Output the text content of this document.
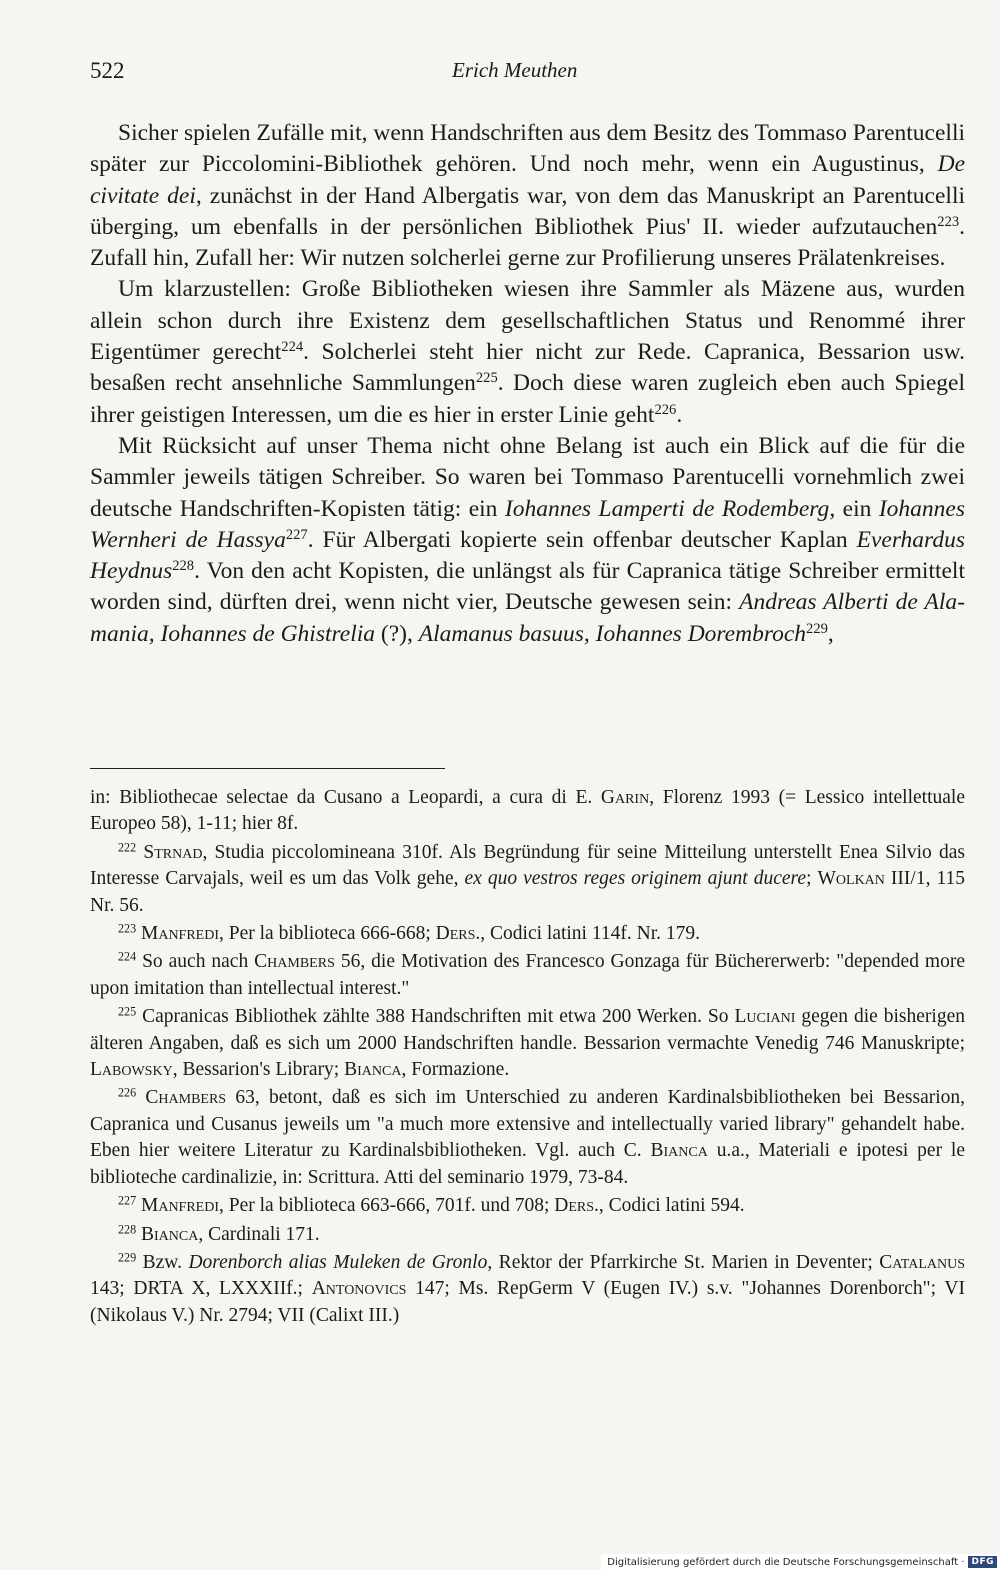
522	Erich Meuthen

Sicher spielen Zufälle mit, wenn Handschriften aus dem Besitz des Tommaso Parentucelli später zur Piccolomini-Bibliothek gehören. Und noch mehr, wenn ein Augustinus, De civitate dei, zunächst in der Hand Albergatis war, von dem das Manuskript an Parentucelli überging, um ebenfalls in der persönlichen Bibliothek Pius' II. wieder aufzutauchen$^{223}$. Zufall hin, Zufall her: Wir nutzen solcherlei gerne zur Profilierung unseres Prälatenkreises.

Um klarzustellen: Große Bibliotheken wiesen ihre Sammler als Mäzene aus, wurden allein schon durch ihre Existenz dem gesellschaftlichen Status und Renommé ihrer Eigentümer gerecht$^{224}$. Solcherlei steht hier nicht zur Rede. Capranica, Bessarion usw. besaßen recht ansehnliche Sammlungen$^{225}$. Doch diese waren zugleich eben auch Spiegel ihrer geistigen Interessen, um die es hier in erster Linie geht$^{226}$.

Mit Rücksicht auf unser Thema nicht ohne Belang ist auch ein Blick auf die für die Sammler jeweils tätigen Schreiber. So waren bei Tommaso Parentucelli vornehmlich zwei deutsche Handschriften-Kopisten tätig: ein Iohannes Lamperti de Rodemberg, ein Iohannes Wernheri de Hassya$^{227}$. Für Albergati kopierte sein offenbar deutscher Kaplan Everhardus Heydnus$^{228}$. Von den acht Kopisten, die unlängst als für Capranica tätige Schreiber ermittelt worden sind, dürften drei, wenn nicht vier, Deutsche gewesen sein: Andreas Alberti de Alamania, Iohannes de Ghistrelia (?), Alamanus basuus, Iohannes Dorembroch$^{229}$,

in: Bibliothecae selectae da Cusano a Leopardi, a cura di E. Garin, Florenz 1993 (= Lessico intellettuale Europeo 58), 1-11; hier 8f.

$^{222}$ Strnad, Studia piccolomineana 310f. Als Begründung für seine Mitteilung unterstellt Enea Silvio das Interesse Carvajals, weil es um das Volk gehe, ex quo vestros reges originem ajunt ducere; Wolkan III/1, 115 Nr. 56.

$^{223}$ Manfredi, Per la biblioteca 666-668; Ders., Codici latini 114f. Nr. 179.

$^{224}$ So auch nach Chambers 56, die Motivation des Francesco Gonzaga für Büchererwerb: "depended more upon imitation than intellectual interest."

$^{225}$ Capranicas Bibliothek zählte 388 Handschriften mit etwa 200 Werken. So Luciani gegen die bisherigen älteren Angaben, daß es sich um 2000 Handschriften handle. Bessarion vermachte Venedig 746 Manuskripte; Labowsky, Bessarion's Library; Bianca, Formazione.

$^{226}$ Chambers 63, betont, daß es sich im Unterschied zu anderen Kardinalsbibliotheken bei Bessarion, Capranica und Cusanus jeweils um "a much more extensive and intellectually varied library" gehandelt habe. Eben hier weitere Literatur zu Kardinalsbibliotheken. Vgl. auch C. Bianca u.a., Materiali e ipotesi per le biblioteche cardinalizie, in: Scrittura. Atti del seminario 1979, 73-84.

$^{227}$ Manfredi, Per la biblioteca 663-666, 701f. und 708; Ders., Codici latini 594.

$^{228}$ Bianca, Cardinali 171.

$^{229}$ Bzw. Dorenborch alias Muleken de Gronlo, Rektor der Pfarrkirche St. Marien in Deventer; Catalanus 143; DRTA X, LXXXIIf.; Antonovics 147; Ms. RepGerm V (Eugen IV.) s.v. "Johannes Dorenborch"; VI (Nikolaus V.) Nr. 2794; VII (Calixt III.)

Digitalisierung gefördert durch die Deutsche Forschungsgemeinschaft · DFG
